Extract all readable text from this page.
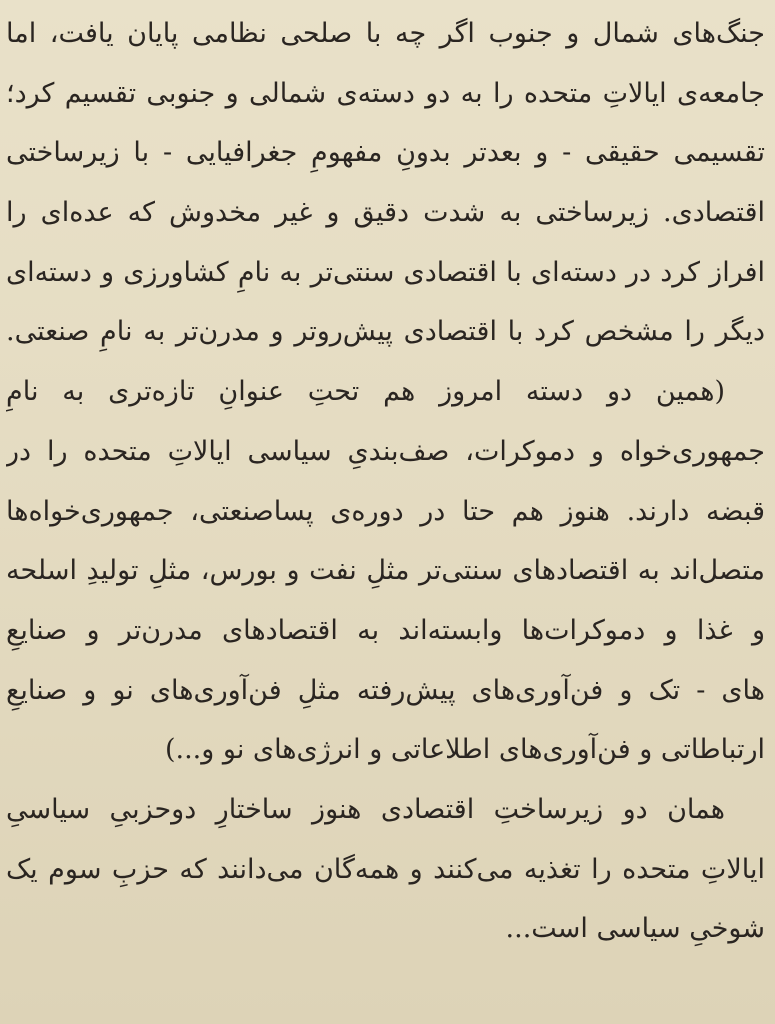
جنگ‌های شمال و جنوب اگر چه با صلحی نظامی پایان یافت، اما
جامعه‌ی ایالاتِ متحده را به دو دسته‌ی شمالی و جنوبی تقسیم کرد؛
تقسیمی حقیقی - و بعدتر بدونِ مفهومِ جغرافیایی - با زیرساختی
اقتصادی. زیرساختی به شدت دقیق و غیر مخدوش که عده‌ای را
افراز کرد در دسته‌ای با اقتصادی سنتی‌تر به نامِ کشاورزی و دسته‌ای
دیگر را مشخص کرد با اقتصادی پیش‌روتر و مدرن‌تر به نامِ صنعتی.
(همین دو دسته امروز هم تحتِ عنوانِ تازه‌تری به نامِ
جمهوری‌خواه و دموکرات، صف‌بندیِ سیاسی ایالاتِ متحده را در
قبضه دارند. هنوز هم حتا در دوره‌ی پساصنعتی، جمهوری‌خواه‌ها
متصل‌اند به اقتصادهای سنتی‌تر مثلِ نفت و بورس، مثلِ تولیدِ اسلحه
و غذا و دموکرات‌ها وابسته‌اند به اقتصادهای مدرن‌تر و صنایعِ
های - تک و فن‌آوری‌های پیش‌رفته مثلِ فن‌آوری‌های نو و صنایعِ
ارتباطاتی و فن‌آوری‌های اطلاعاتی و انرژی‌های نو و...)
همان دو زیرساختِ اقتصادی هنوز ساختارِ دوحزبیِ سیاسیِ
ایالاتِ متحده را تغذیه می‌کنند و همه‌گان می‌دانند که حزبِ سوم یک
شوخیِ سیاسی است...
